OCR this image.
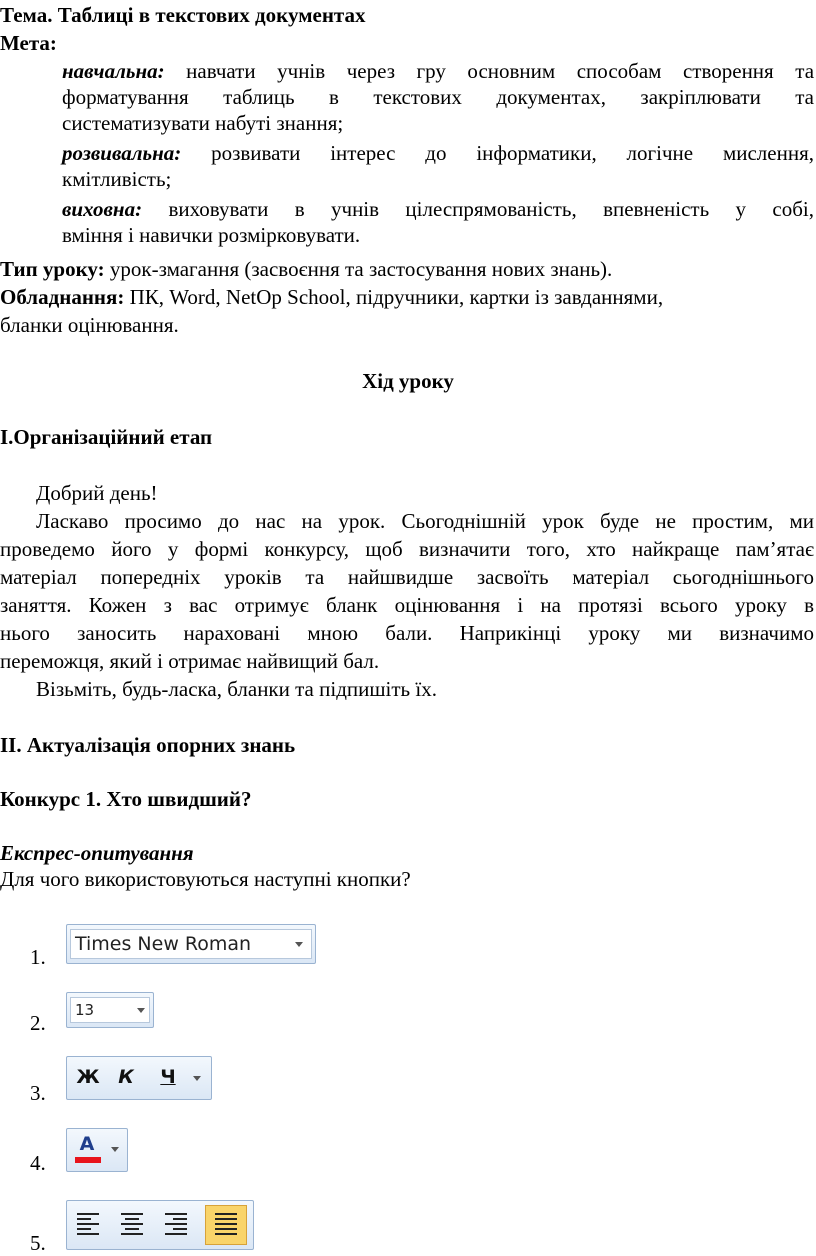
Тема. Таблиці в текстових документах
Мета:
навчальна: навчати учнів через гру основним способам створення та
форматування таблиць в текстових документах, закріплювати та
систематизувати набуті знання;
розвивальна: розвивати інтерес до інформатики, логічне мислення,
кмітливість;
виховна: виховувати в учнів цілеспрямованість, впевненість у собі,
вміння і навички розмірковувати.
Тип уроку: урок-змагання (засвоєння та застосування нових знань).
Обладнання: ПК, Word, NetOp School, підручники, картки із завданнями,
бланки оцінювання.
Хід уроку
I.Організаційний етап
Добрий день!
Ласкаво просимо до нас на урок. Сьогоднішній урок буде не простим, ми
проведемо його у формі конкурсу, щоб визначити того, хто найкраще пам’ятає
матеріал попередніх уроків та найшвидше засвоїть матеріал сьогоднішнього
заняття. Кожен з вас отримує бланк оцінювання і на протязі всього уроку в
нього заносить нараховані мною бали. Наприкінці уроку ми визначимо
переможця, який і отримає найвищий бал.
Візьміть, будь-ласка, бланки та підпишіть їх.
II. Актуалізація опорних знань
Конкурс 1. Хто швидший?
Експрес-опитування
Для чого використовуються наступні кнопки?
1.
Times New Roman
2.
13
3.
Ж К Ч
4.
A
5.
